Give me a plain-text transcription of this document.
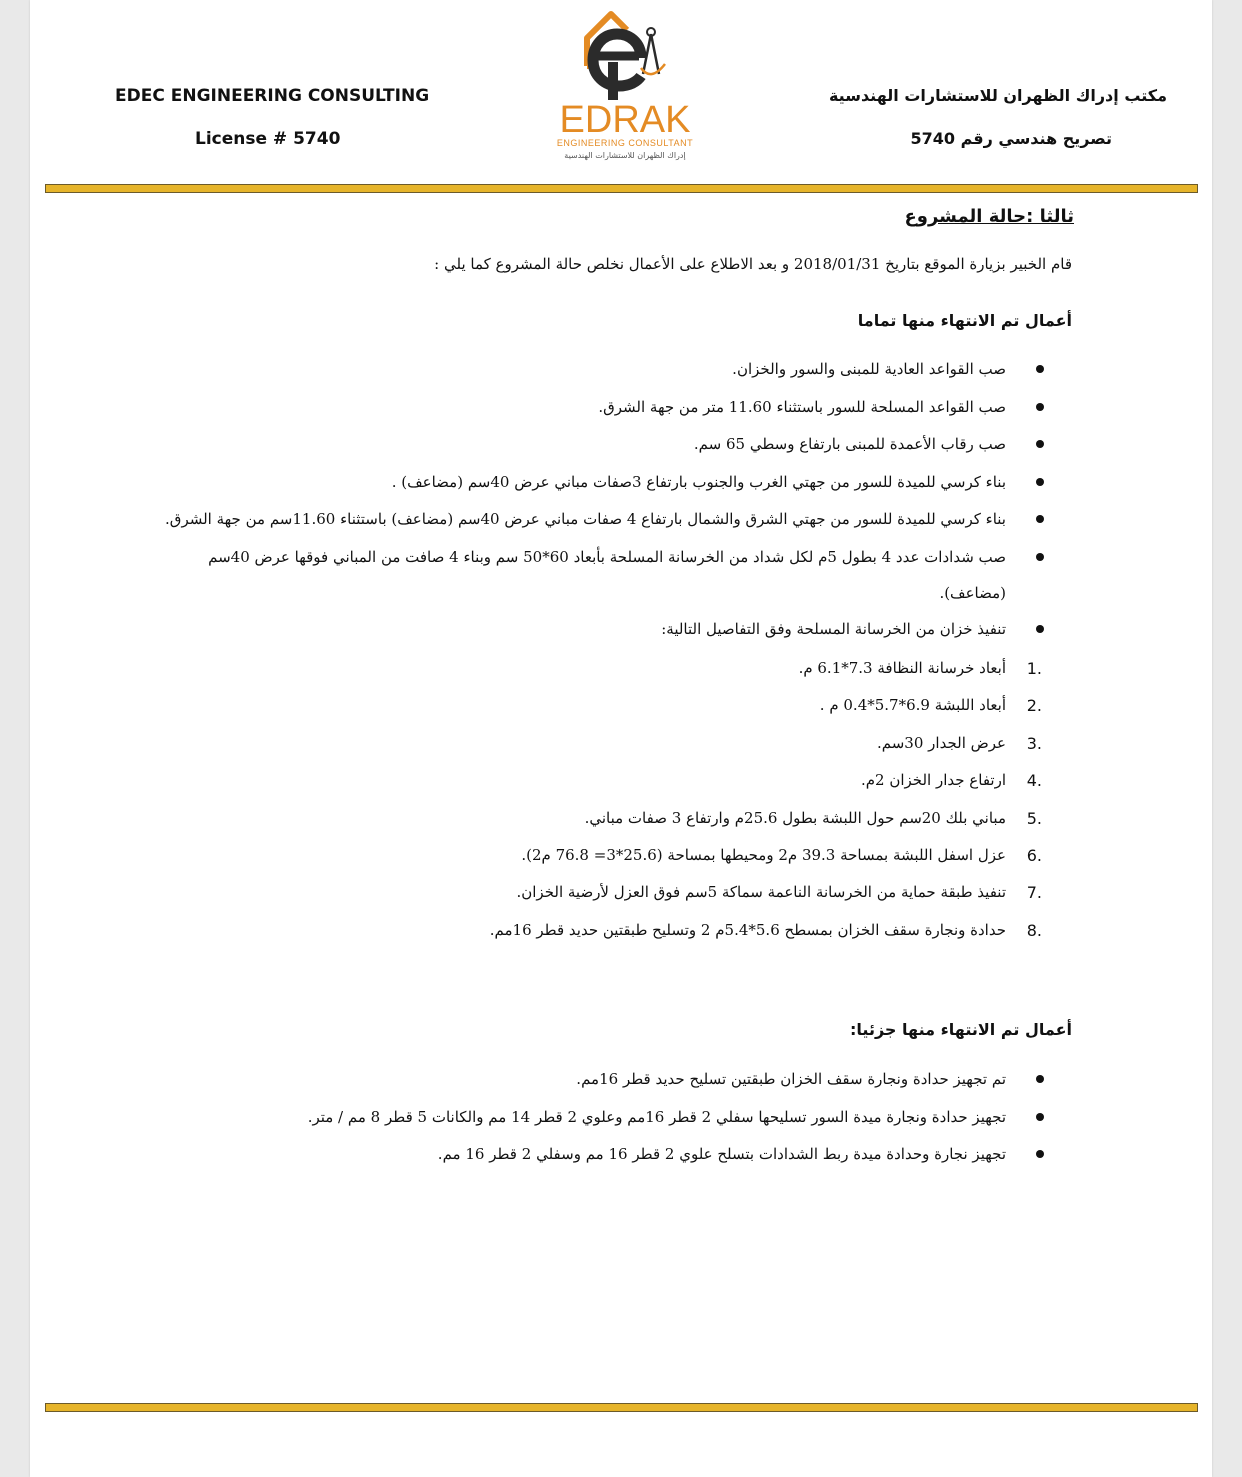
EDEC ENGINEERING CONSULTING
License # 5740
مكتب إدراك الظهران للاستشارات الهندسية
تصريح هندسي رقم 5740
EDRAK
ENGINEERING CONSULTANT
إدراك الظهران للاستشارات الهندسية
ثالثا :حالة المشروع
قام الخبير بزيارة الموقع بتاريخ 2018/01/31 و بعد الاطلاع على الأعمال نخلص حالة المشروع كما يلي :
أعمال تم الانتهاء منها تماما
صب القواعد العادية للمبنى والسور والخزان.
صب القواعد المسلحة للسور باستثناء 11.60 متر من جهة الشرق.
صب رقاب الأعمدة للمبنى بارتفاع وسطي 65 سم.
بناء كرسي للميدة للسور من جهتي الغرب والجنوب بارتفاع 3صفات مباني عرض 40سم (مضاعف) .
بناء كرسي للميدة للسور من جهتي الشرق والشمال بارتفاع 4 صفات مباني عرض 40سم (مضاعف) باستثناء 11.60سم من جهة الشرق.
صب شدادات عدد 4 بطول 5م لكل شداد من الخرسانة المسلحة بأبعاد 60*50 سم وبناء 4 صافت من المباني فوقها عرض 40سم (مضاعف).
تنفيذ خزان من الخرسانة المسلحة وفق التفاصيل التالية:
1.
أبعاد خرسانة النظافة 7.3*6.1 م.
2.
أبعاد اللبشة 6.9*5.7*0.4 م .
3.
عرض الجدار 30سم.
4.
ارتفاع جدار الخزان 2م.
5.
مباني بلك 20سم حول اللبشة بطول 25.6م وارتفاع 3 صفات مباني.
6.
عزل اسفل اللبشة بمساحة 39.3 م2 ومحيطها بمساحة (25.6*3= 76.8 م2).
7.
تنفيذ طبقة حماية من الخرسانة الناعمة سماكة 5سم فوق العزل لأرضية الخزان.
8.
حدادة ونجارة سقف الخزان بمسطح 5.6*5.4م 2 وتسليح طبقتين حديد قطر 16مم.
أعمال تم الانتهاء منها جزئيا:
تم تجهيز حدادة ونجارة سقف الخزان طبقتين تسليح حديد قطر 16مم.
تجهيز حدادة ونجارة ميدة السور تسليحها سفلي 2 قطر 16مم وعلوي 2 قطر 14 مم والكانات 5 قطر 8 مم / متر.
تجهيز نجارة وحدادة ميدة ربط الشدادات بتسلح علوي 2 قطر 16 مم وسفلي 2 قطر 16 مم.
